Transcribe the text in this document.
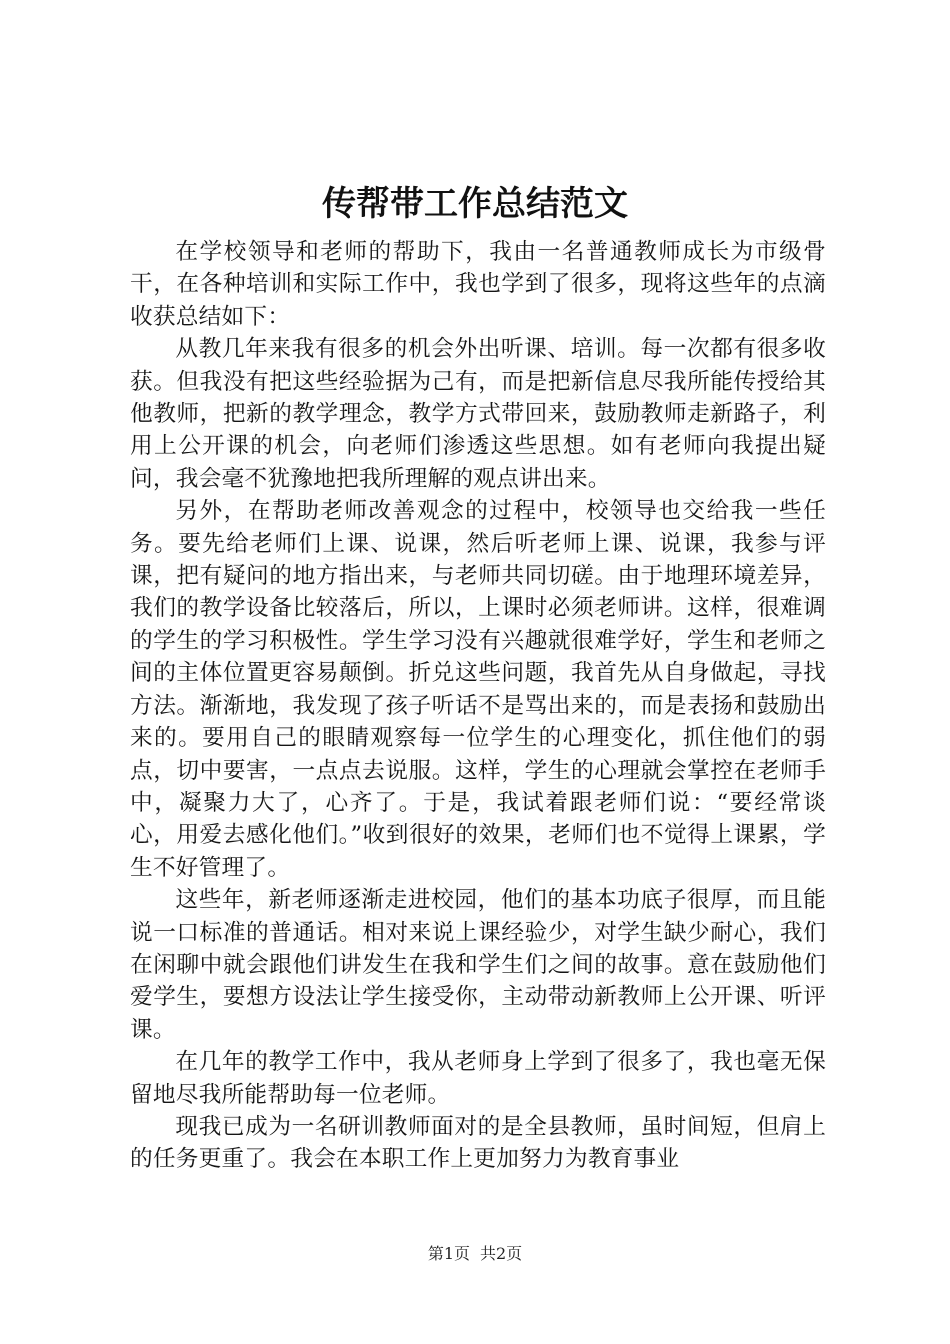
传帮带工作总结范文

在学校领导和老师的帮助下，我由一名普通教师成长为市级骨干，在各种培训和实际工作中，我也学到了很多，现将这些年的点滴收获总结如下：

从教几年来我有很多的机会外出听课、培训。每一次都有很多收获。但我没有把这些经验据为己有，而是把新信息尽我所能传授给其他教师，把新的教学理念，教学方式带回来，鼓励教师走新路子，利用上公开课的机会，向老师们渗透这些思想。如有老师向我提出疑问，我会毫不犹豫地把我所理解的观点讲出来。

另外，在帮助老师改善观念的过程中，校领导也交给我一些任务。要先给老师们上课、说课，然后听老师上课、说课，我参与评课，把有疑问的地方指出来，与老师共同切磋。由于地理环境差异，我们的教学设备比较落后，所以，上课时必须老师讲。这样，很难调的学生的学习积极性。学生学习没有兴趣就很难学好，学生和老师之间的主体位置更容易颠倒。折兑这些问题，我首先从自身做起，寻找方法。渐渐地，我发现了孩子听话不是骂出来的，而是表扬和鼓励出来的。要用自己的眼睛观察每一位学生的心理变化，抓住他们的弱点，切中要害，一点点去说服。这样，学生的心理就会掌控在老师手中，凝聚力大了，心齐了。于是，我试着跟老师们说：“要经常谈心，用爱去感化他们。”收到很好的效果，老师们也不觉得上课累，学生不好管理了。

这些年，新老师逐渐走进校园，他们的基本功底子很厚，而且能说一口标准的普通话。相对来说上课经验少，对学生缺少耐心，我们在闲聊中就会跟他们讲发生在我和学生们之间的故事。意在鼓励他们爱学生，要想方设法让学生接受你，主动带动新教师上公开课、听评课。

在几年的教学工作中，我从老师身上学到了很多了，我也毫无保留地尽我所能帮助每一位老师。

现我已成为一名研训教师面对的是全县教师，虽时间短，但肩上的任务更重了。我会在本职工作上更加努力为教育事业

第1页 共2页
